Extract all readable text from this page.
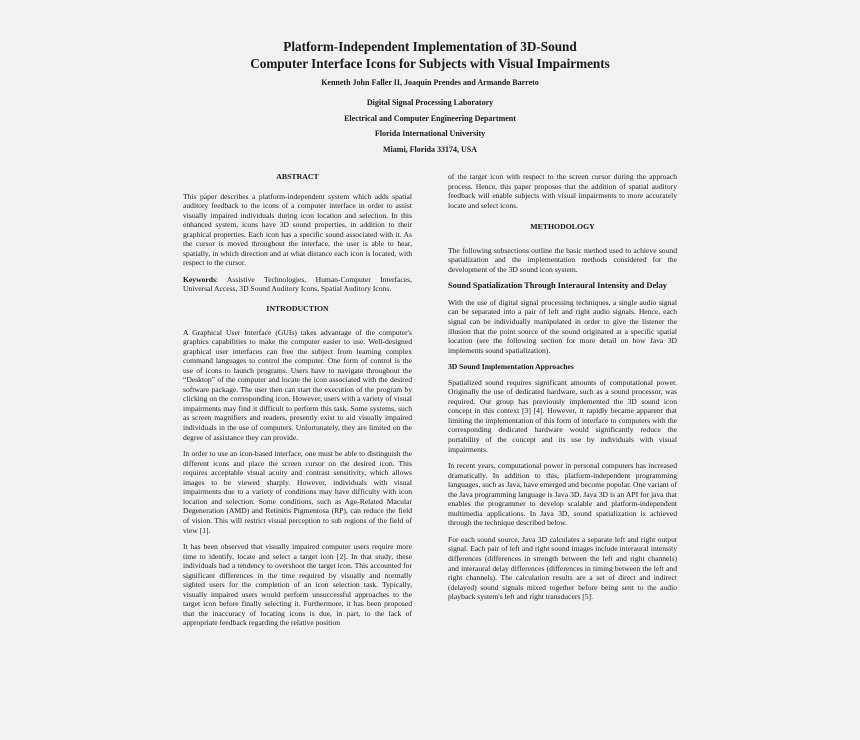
Platform-Independent Implementation of 3D-Sound
Computer Interface Icons for Subjects with Visual Impairments
Kenneth John Faller II, Joaquin Prendes and Armando Barreto
Digital Signal Processing Laboratory
Electrical and Computer Engineering Department
Florida International University
Miami, Florida 33174, USA
ABSTRACT

This paper describes a platform-independent system which adds spatial auditory feedback to the icons of a computer interface in order to assist visually impaired individuals during icon location and selection. In this enhanced system, icons have 3D sound properties, in addition to their graphical properties. Each icon has a specific sound associated with it. As the cursor is moved throughout the interface, the user is able to hear, spatially, in which direction and at what distance each icon is located, with respect to the cursor.

Keywords: Assistive Technologies, Human-Computer Interfaces, Universal Access, 3D Sound Auditory Icons, Spatial Auditory Icons.

INTRODUCTION

A Graphical User Interface (GUIs) takes advantage of the computer's graphics capabilities to make the computer easier to use. Well-designed graphical user interfaces can free the subject from learning complex command languages to control the computer. One form of control is the use of icons to launch programs. Users have to navigate throughout the “Desktop” of the computer and locate the icon associated with the desired software package. The user then can start the execution of the program by clicking on the corresponding icon. However, users with a variety of visual impairments may find it difficult to perform this task. Some systems, such as screen magnifiers and readers, presently exist to aid visually impaired individuals in the use of computers. Unfortunately, they are limited on the degree of assistance they can provide.

In order to use an icon-based interface, one must be able to distinguish the different icons and place the screen cursor on the desired icon. This requires acceptable visual acuity and contrast sensitivity, which allows images to be viewed sharply. However, individuals with visual impairments due to a variety of conditions may have difficulty with icon location and selection. Some conditions, such as Age-Related Macular Degeneration (AMD) and Retinitis Pigmentosa (RP), can reduce the field of vision. This will restrict visual perception to sub regions of the field of view [1].

It has been observed that visually impaired computer users require more time to identify, locate and select a target icon [2]. In that study, these individuals had a tendency to overshoot the target icon. This accounted for significant differences in the time required by visually and normally sighted users for the completion of an icon selection task. Typically, visually impaired users would perform unsuccessful approaches to the target icon before finally selecting it. Furthermore, it has been proposed that the inaccuracy of locating icons is due, in part, to the lack of appropriate feedback regarding the relative position

of the target icon with respect to the screen cursor during the approach process. Hence, this paper proposes that the addition of spatial auditory feedback will enable subjects with visual impairments to more accurately locate and select icons.

METHODOLOGY

The following subsections outline the basic method used to achieve sound spatialization and the implementation methods considered for the development of the 3D sound icon system.

Sound Spatialization Through Interaural Intensity and Delay

With the use of digital signal processing techniques, a single audio signal can be separated into a pair of left and right audio signals. Hence, each signal can be individually manipulated in order to give the listener the illusion that the point source of the sound originated at a specific spatial location (see the following section for more detail on how Java 3D implements sound spatialization).

3D Sound Implementation Approaches

Spatialized sound requires significant amounts of computational power. Originally the use of dedicated hardware, such as a sound processor, was required. Our group has previously implemented the 3D sound icon concept in this context [3] [4]. However, it rapidly became apparent that limiting the implementation of this form of interface to computers with the corresponding dedicated hardware would significantly reduce the portability of the concept and its use by individuals with visual impairments.

In recent years, computational power in personal computers has increased dramatically. In addition to this, platform-independent programming languages, such as Java, have emerged and become popular. One variant of the Java programming language is Java 3D. Java 3D is an API for java that enables the programmer to develop scalable and platform-independent multimedia applications. In Java 3D, sound spatialization is achieved through the technique described below.

For each sound source, Java 3D calculates a separate left and right output signal. Each pair of left and right sound images include interaural intensity differences (differences in strength between the left and right channels) and interaural delay differences (differences in timing between the left and right channels). The calculation results are a set of direct and indirect (delayed) sound signals mixed together before being sent to the audio playback system's left and right transducers [5].
